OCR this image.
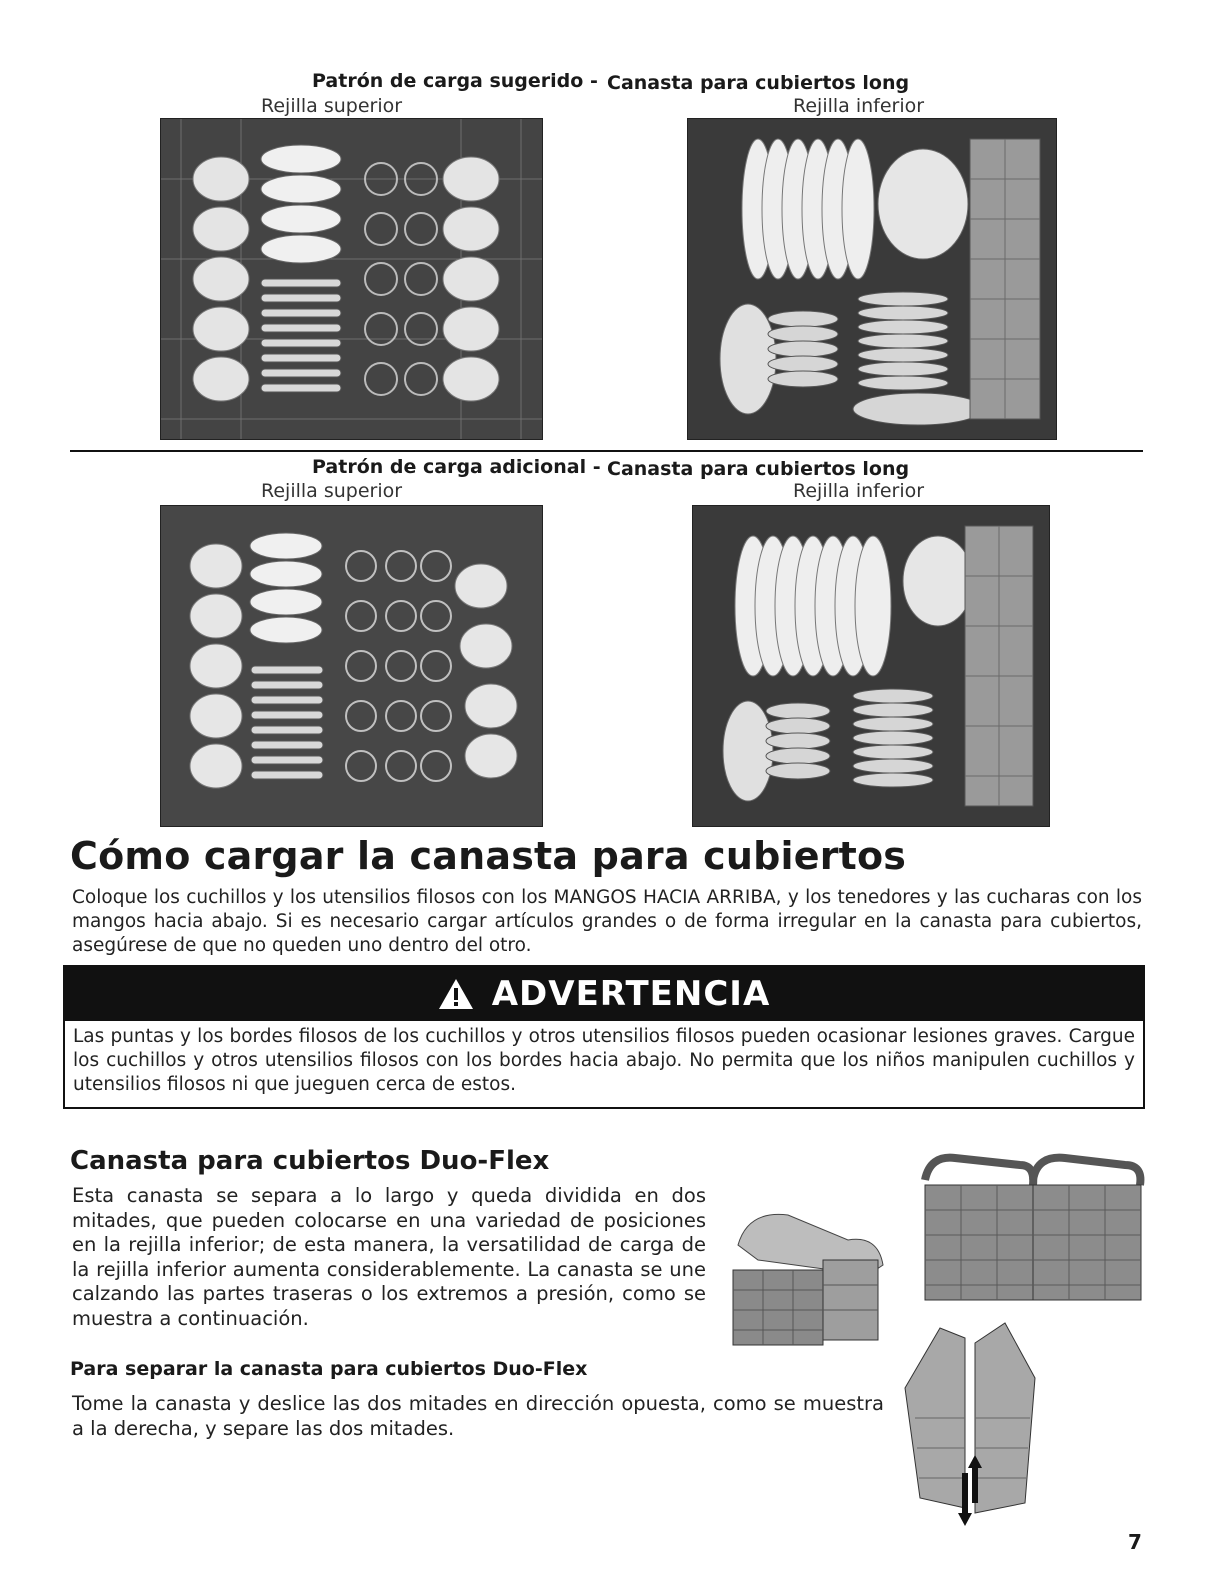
Patrón de carga sugerido - Canasta para cubiertos long
Rejilla superior	Rejilla inferior
Patrón de carga adicional - Canasta para cubiertos long
Rejilla superior	Rejilla inferior
Cómo cargar la canasta para cubiertos

Coloque los cuchillos y los utensilios filosos con los MANGOS HACIA ARRIBA, y los tenedores y las cucharas con los mangos hacia abajo. Si es necesario cargar artículos grandes o de forma irregular en la canasta para cubiertos, asegúrese de que no queden uno dentro del otro.

ADVERTENCIA

Las puntas y los bordes filosos de los cuchillos y otros utensilios filosos pueden ocasionar lesiones graves. Cargue los cuchillos y otros utensilios filosos con los bordes hacia abajo. No permita que los niños manipulen cuchillos y utensilios filosos ni que jueguen cerca de estos.

Canasta para cubiertos Duo-Flex

Esta canasta se separa a lo largo y queda dividida en dos mitades, que pueden colocarse en una variedad de posiciones en la rejilla inferior; de esta manera, la versatilidad de carga de la rejilla inferior aumenta considerablemente. La canasta se une calzando las partes traseras o los extremos a presión, como se muestra a continuación.

Para separar la canasta para cubiertos Duo-Flex

Tome la canasta y deslice las dos mitades en dirección opuesta, como se muestra a la derecha, y separe las dos mitades.

7
